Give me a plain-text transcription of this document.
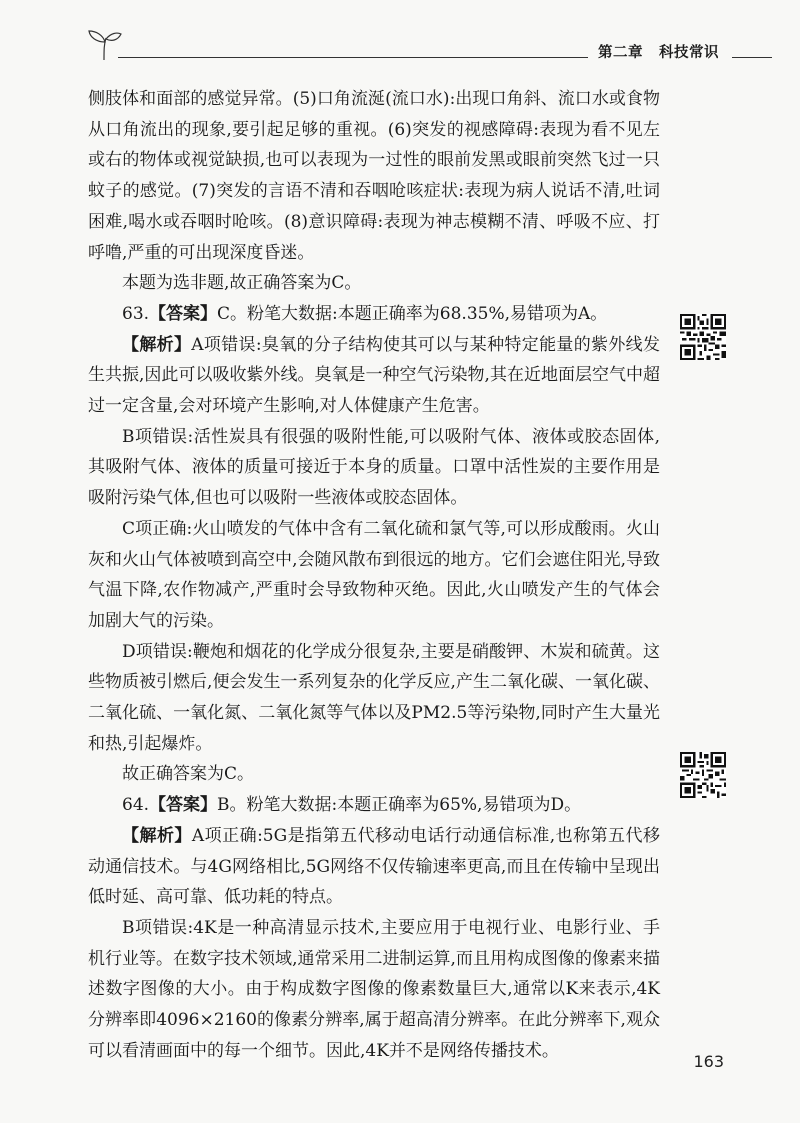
第二章 科技常识

侧肢体和面部的感觉异常。(5)口角流涎(流口水):出现口角斜、流口水或食物从口角流出的现象,要引起足够的重视。(6)突发的视感障碍:表现为看不见左或右的物体或视觉缺损,也可以表现为一过性的眼前发黑或眼前突然飞过一只蚊子的感觉。(7)突发的言语不清和吞咽呛咳症状:表现为病人说话不清,吐词困难,喝水或吞咽时呛咳。(8)意识障碍:表现为神志模糊不清、呼吸不应、打呼噜,严重的可出现深度昏迷。

本题为选非题,故正确答案为C。

63.【答案】C。粉笔大数据:本题正确率为68.35%,易错项为A。

【解析】A项错误:臭氧的分子结构使其可以与某种特定能量的紫外线发生共振,因此可以吸收紫外线。臭氧是一种空气污染物,其在近地面层空气中超过一定含量,会对环境产生影响,对人体健康产生危害。

B项错误:活性炭具有很强的吸附性能,可以吸附气体、液体或胶态固体,其吸附气体、液体的质量可接近于本身的质量。口罩中活性炭的主要作用是吸附污染气体,但也可以吸附一些液体或胶态固体。

C项正确:火山喷发的气体中含有二氧化硫和氯气等,可以形成酸雨。火山灰和火山气体被喷到高空中,会随风散布到很远的地方。它们会遮住阳光,导致气温下降,农作物减产,严重时会导致物种灭绝。因此,火山喷发产生的气体会加剧大气的污染。

D项错误:鞭炮和烟花的化学成分很复杂,主要是硝酸钾、木炭和硫黄。这些物质被引燃后,便会发生一系列复杂的化学反应,产生二氧化碳、一氧化碳、二氧化硫、一氧化氮、二氧化氮等气体以及PM2.5等污染物,同时产生大量光和热,引起爆炸。

故正确答案为C。

64.【答案】B。粉笔大数据:本题正确率为65%,易错项为D。

【解析】A项正确:5G是指第五代移动电话行动通信标准,也称第五代移动通信技术。与4G网络相比,5G网络不仅传输速率更高,而且在传输中呈现出低时延、高可靠、低功耗的特点。

B项错误:4K是一种高清显示技术,主要应用于电视行业、电影行业、手机行业等。在数字技术领域,通常采用二进制运算,而且用构成图像的像素来描述数字图像的大小。由于构成数字图像的像素数量巨大,通常以K来表示,4K分辨率即4096×2160的像素分辨率,属于超高清分辨率。在此分辨率下,观众可以看清画面中的每一个细节。因此,4K并不是网络传播技术。

163
